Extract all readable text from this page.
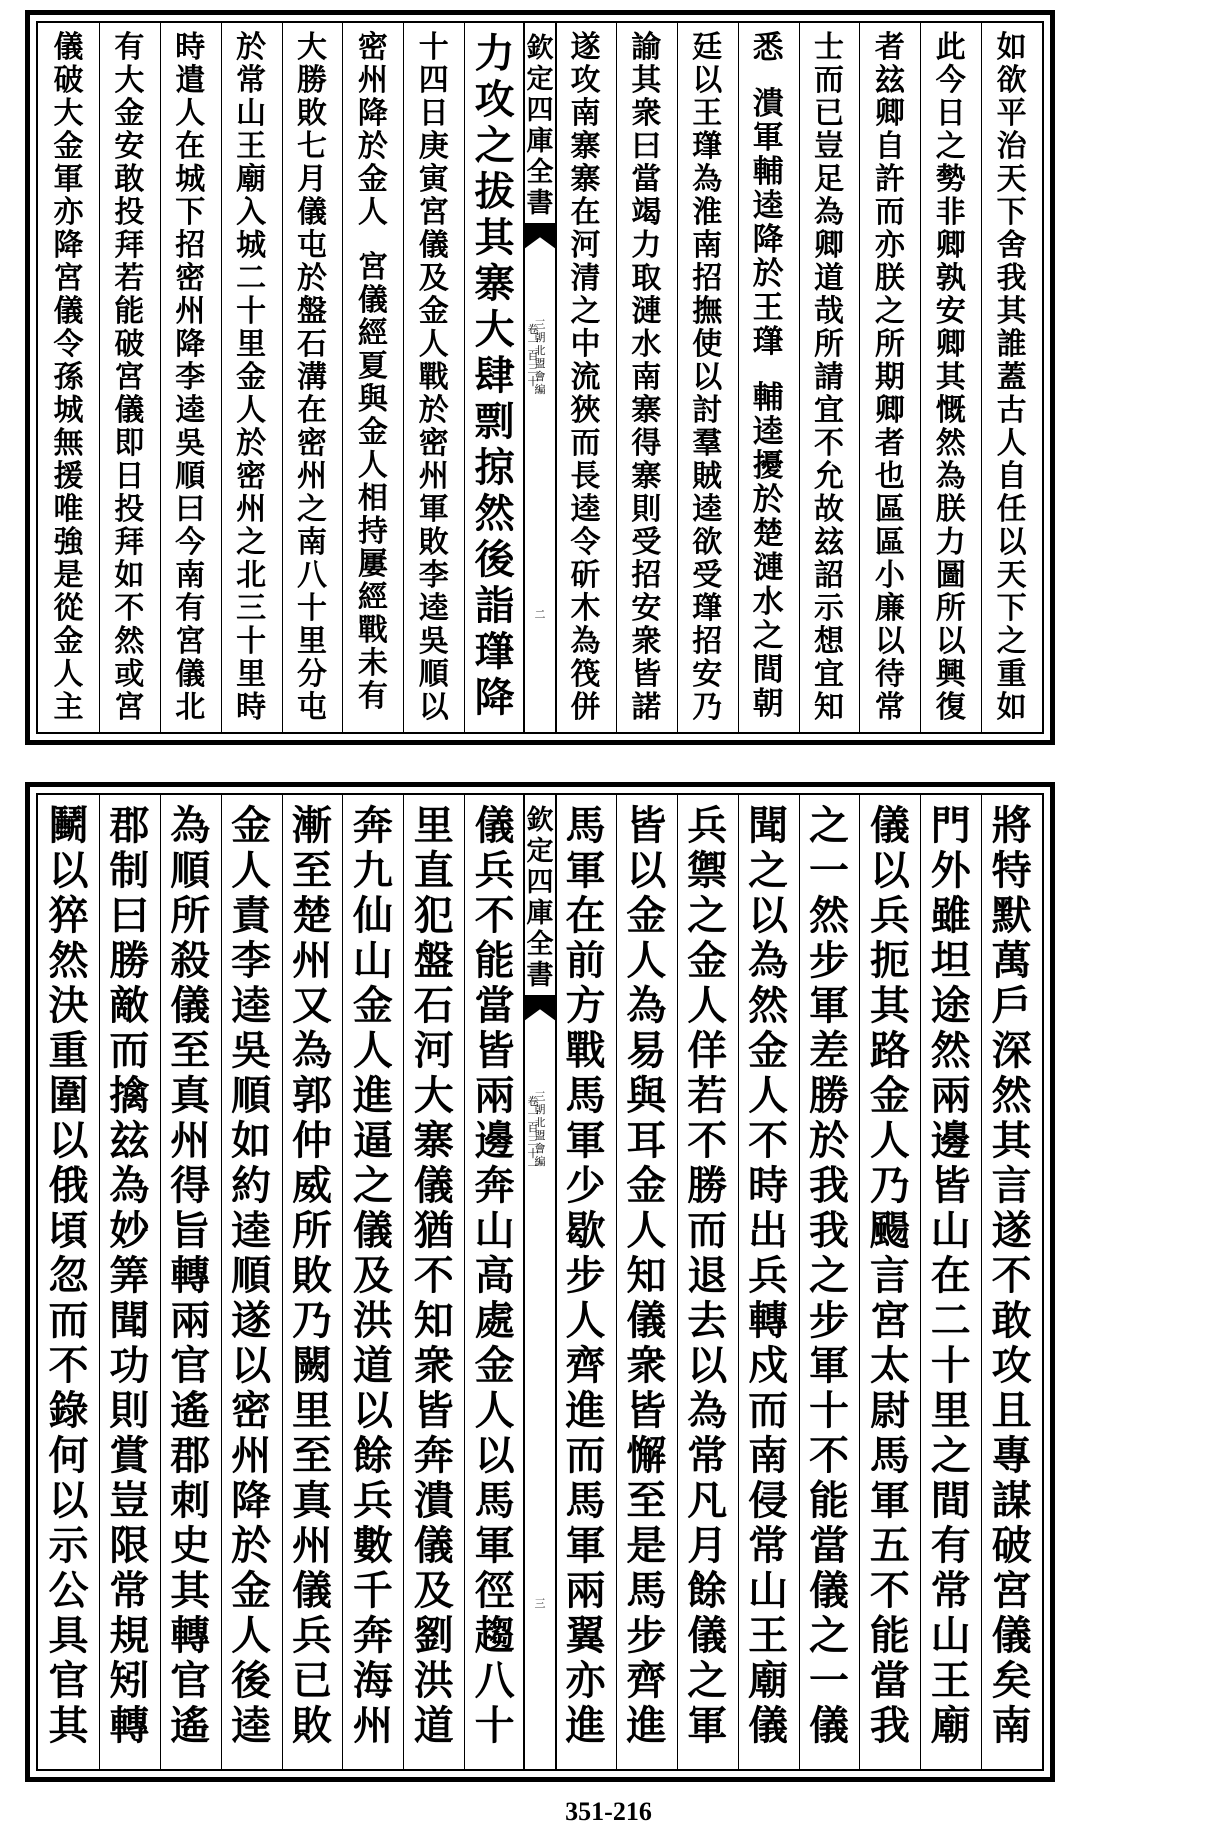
如
欲
平
治
天
下
舍
我
其
誰
蓋
古
人
自
任
以
天
下
之
重
如
此
今
日
之
勢
非
卿
孰
安
卿
其
慨
然
為
朕
力
圖
所
以
興
復
者
玆
卿
自
許
而
亦
朕
之
所
期
卿
者
也
區
區
小
廉
以
待
常
士
而
已
豈
足
為
卿
道
哉
所
請
宜
不
允
故
玆
詔
示
想
宜
知
悉
潰
軍
輔
逵
降
於
王
㻶
輔
逵
擾
於
楚
漣
水
之
間
朝
廷
以
王
㻶
為
淮
南
招
撫
使
以
討
羣
賊
逵
欲
受
㻶
招
安
乃
諭
其
衆
曰
當
竭
力
取
漣
水
南
寨
得
寨
則
受
招
安
衆
皆
諾
遂
攻
南
寨
寨
在
河
清
之
中
流
狹
而
長
逵
令
斫
木
為
筏
併
力
攻
之
拔
其
寨
大
肆
剽
掠
然
後
詣
㻶
降
十
四
日
庚
寅
宮
儀
及
金
人
戰
於
密
州
軍
敗
李
逵
吳
順
以
密
州
降
於
金
人
宮
儀
經
夏
與
金
人
相
持
屢
經
戰
未
有
大
勝
敗
七
月
儀
屯
於
盤
石
溝
在
密
州
之
南
八
十
里
分
屯
於
常
山
王
廟
入
城
二
十
里
金
人
於
密
州
之
北
三
十
里
時
時
遣
人
在
城
下
招
密
州
降
李
逵
吳
順
曰
今
南
有
宮
儀
北
有
大
金
安
敢
投
拜
若
能
破
宮
儀
即
日
投
拜
如
不
然
或
宮
儀
破
大
金
軍
亦
降
宮
儀
令
孫
城
無
援
唯
強
是
從
金
人
主
欽
定
四
庫
全
書
三
朝
北
盟
會
編
卷
一
百
三
十
二
將
特
默
萬
戶
深
然
其
言
遂
不
敢
攻
且
專
謀
破
宮
儀
矣
南
門
外
雖
坦
途
然
兩
邊
皆
山
在
二
十
里
之
間
有
常
山
王
廟
儀
以
兵
扼
其
路
金
人
乃
颺
言
宮
太
尉
馬
軍
五
不
能
當
我
之
一
然
步
軍
差
勝
於
我
我
之
步
軍
十
不
能
當
儀
之
一
儀
聞
之
以
為
然
金
人
不
時
出
兵
轉
戍
而
南
侵
常
山
王
廟
儀
兵
禦
之
金
人
佯
若
不
勝
而
退
去
以
為
常
凡
月
餘
儀
之
軍
皆
以
金
人
為
易
與
耳
金
人
知
儀
衆
皆
懈
至
是
馬
步
齊
進
馬
軍
在
前
方
戰
馬
軍
少
歇
步
人
齊
進
而
馬
軍
兩
翼
亦
進
儀
兵
不
能
當
皆
兩
邊
奔
山
高
處
金
人
以
馬
軍
徑
趨
八
十
里
直
犯
盤
石
河
大
寨
儀
猶
不
知
衆
皆
奔
潰
儀
及
劉
洪
道
奔
九
仙
山
金
人
進
逼
之
儀
及
洪
道
以
餘
兵
數
千
奔
海
州
漸
至
楚
州
又
為
郭
仲
威
所
敗
乃
闕
里
至
真
州
儀
兵
已
敗
金
人
責
李
逵
吳
順
如
約
逵
順
遂
以
密
州
降
於
金
人
後
逵
為
順
所
殺
儀
至
真
州
得
旨
轉
兩
官
遙
郡
刺
史
其
轉
官
遙
郡
制
曰
勝
敵
而
擒
玆
為
妙
筭
聞
功
則
賞
豈
限
常
規
矧
轉
鬭
以
猝
然
決
重
圍
以
俄
頃
忽
而
不
錄
何
以
示
公
具
官
其
欽
定
四
庫
全
書
三
朝
北
盟
會
編
卷
一
百
三
十
一
三
351-216
